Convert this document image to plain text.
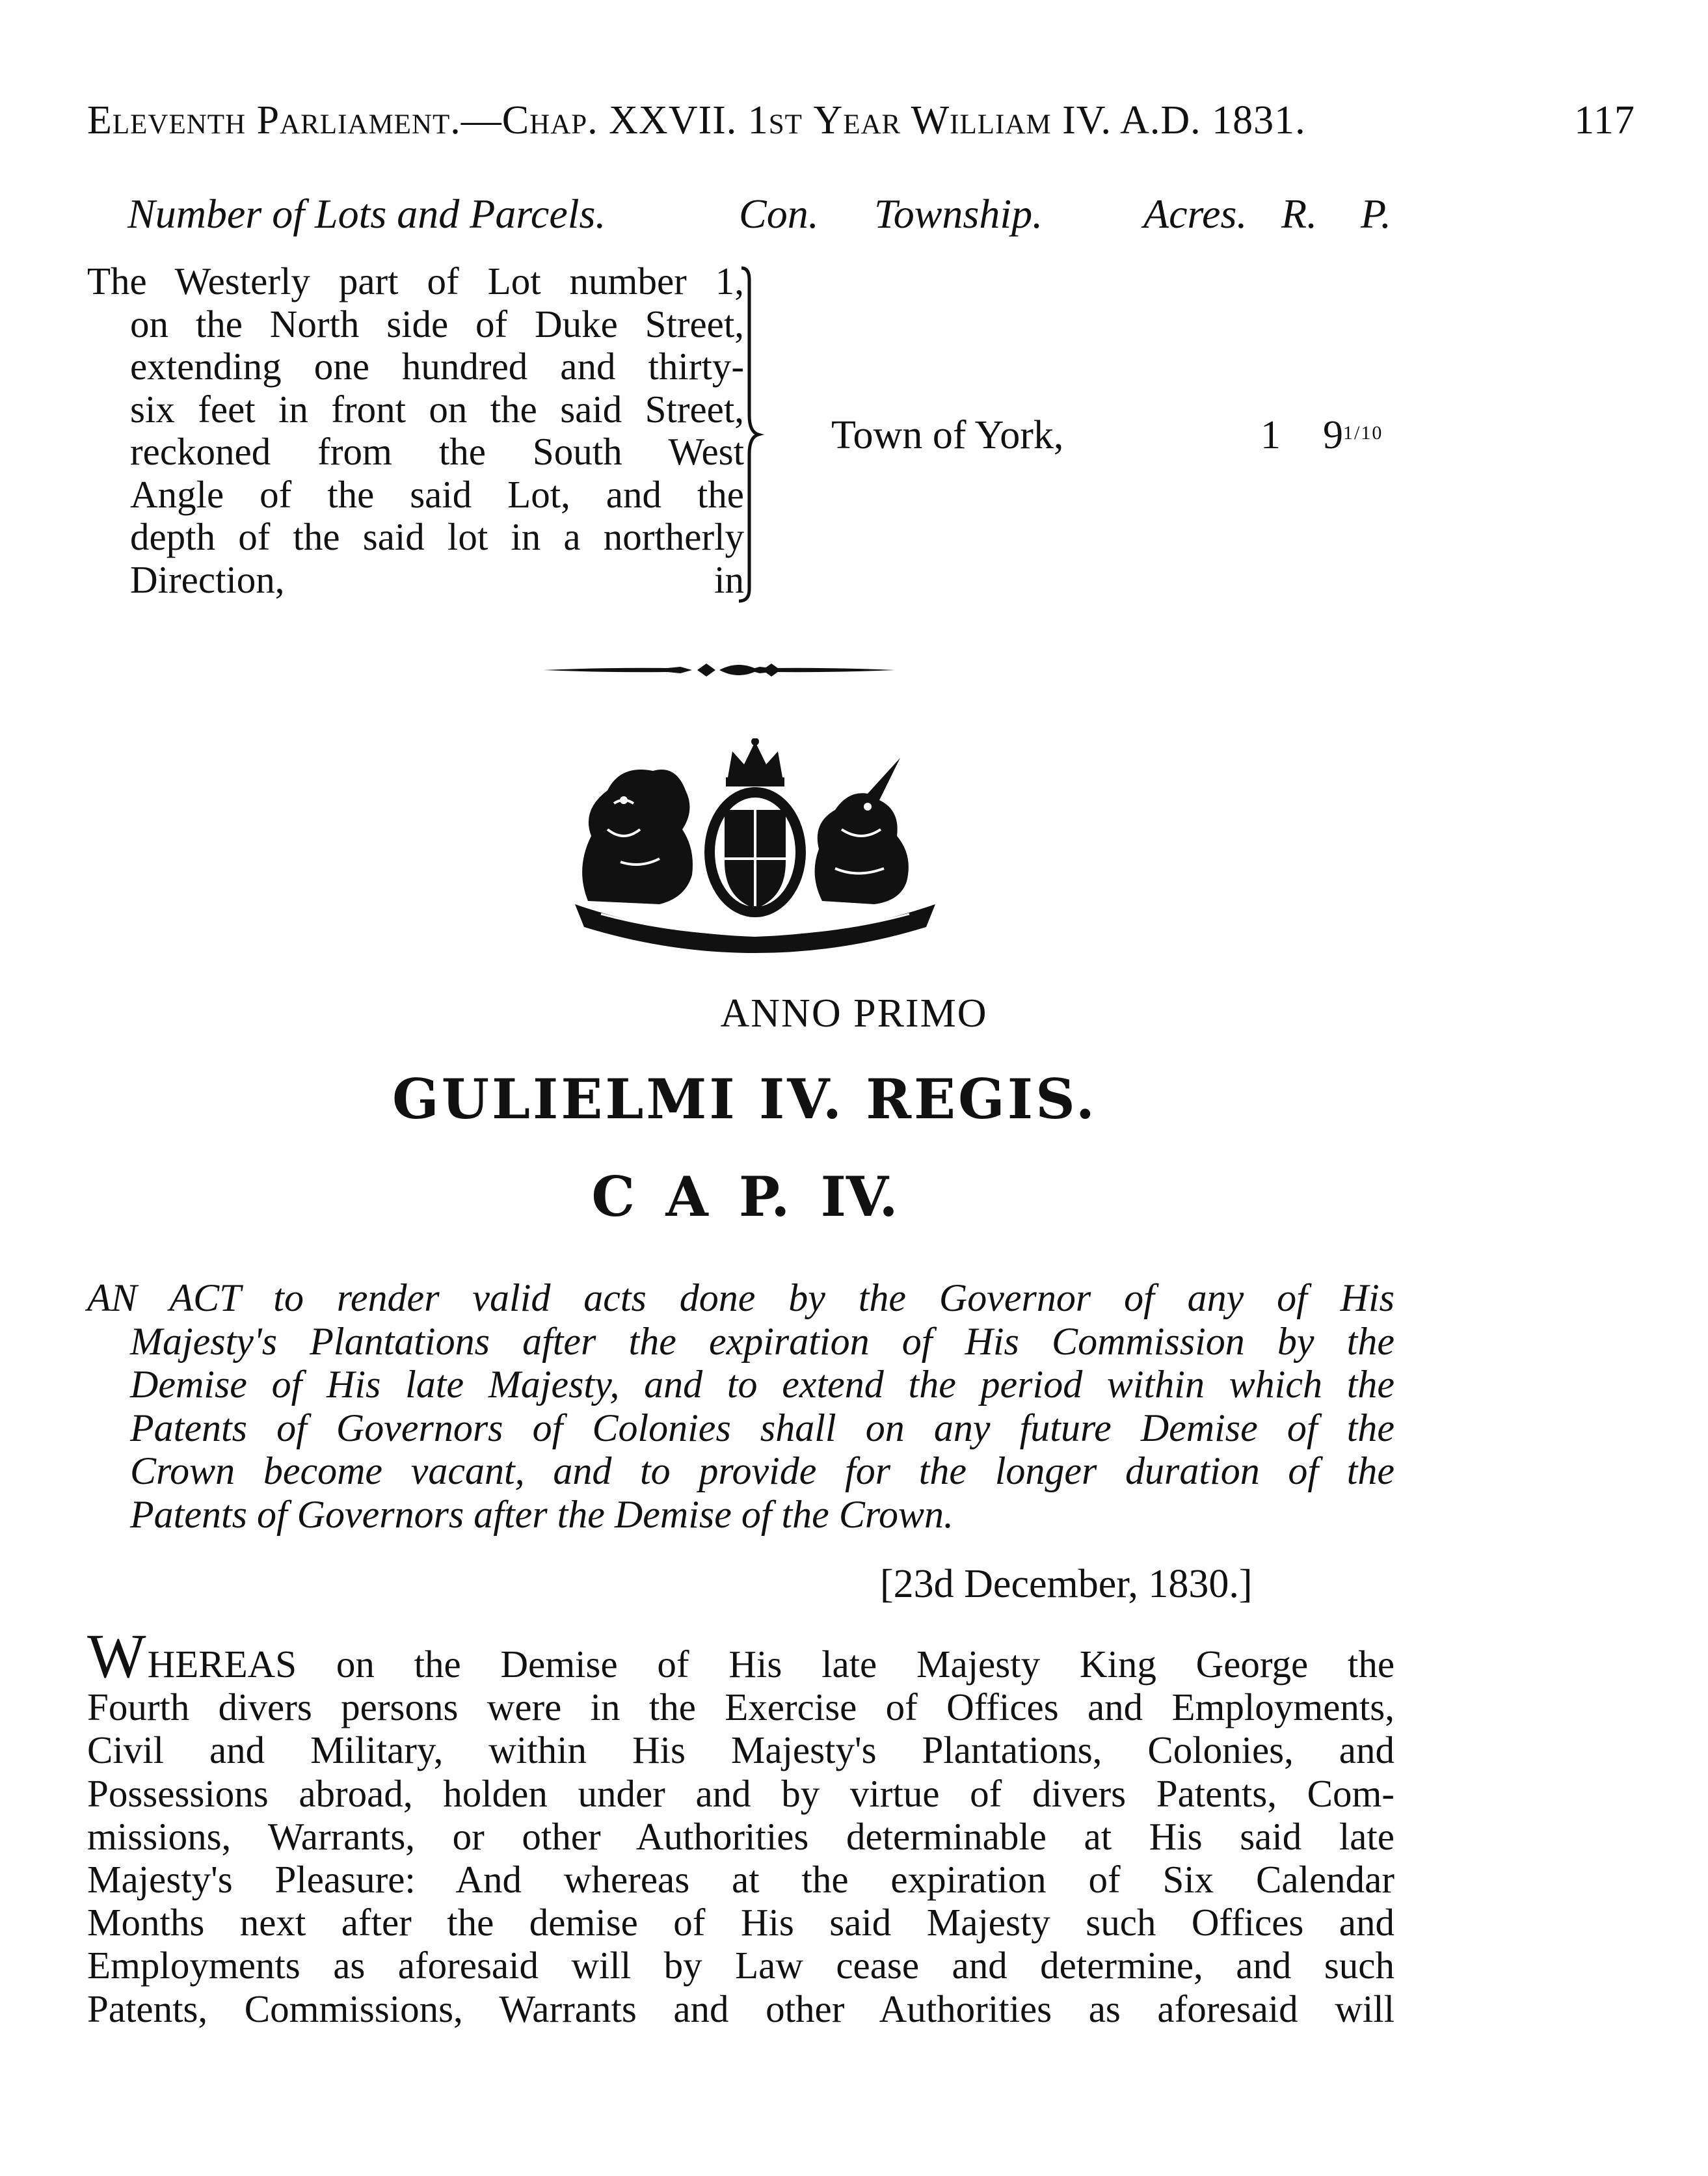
Eleventh Parliament.—Chap. XXVII. 1st Year William IV. A.D. 1831.	117
Number of Lots and Parcels.	Con. Township. Acres. R. P.
The Westerly part of Lot number 1,
on the North side of Duke Street,
extending one hundred and thirty-
six feet in front on the said Street,
reckoned from the South West
Angle of the said Lot, and the
depth of the said lot in a northerly
Direction,	in
Town of York,	1 $9^{1/10}$
ANNO PRIMO
GULIELMI IV. REGIS.
C A P. IV.
AN ACT to render valid acts done by the Governor of any of His
Majesty's Plantations after the expiration of His Commission by the
Demise of His late Majesty, and to extend the period within which the
Patents of Governors of Colonies shall on any future Demise of the
Crown become vacant, and to provide for the longer duration of the
Patents of Governors after the Demise of the Crown.
[23d December, 1830.]
W HEREAS on the Demise of His late Majesty King George the
Fourth divers persons were in the Exercise of Offices and Employments,
Civil and Military, within His Majesty's Plantations, Colonies, and
Possessions abroad, holden under and by virtue of divers Patents, Com-
missions, Warrants, or other Authorities determinable at His said late
Majesty's Pleasure: And whereas at the expiration of Six Calendar
Months next after the demise of His said Majesty such Offices and
Employments as aforesaid will by Law cease and determine, and such
Patents, Commissions, Warrants and other Authorities as aforesaid will
